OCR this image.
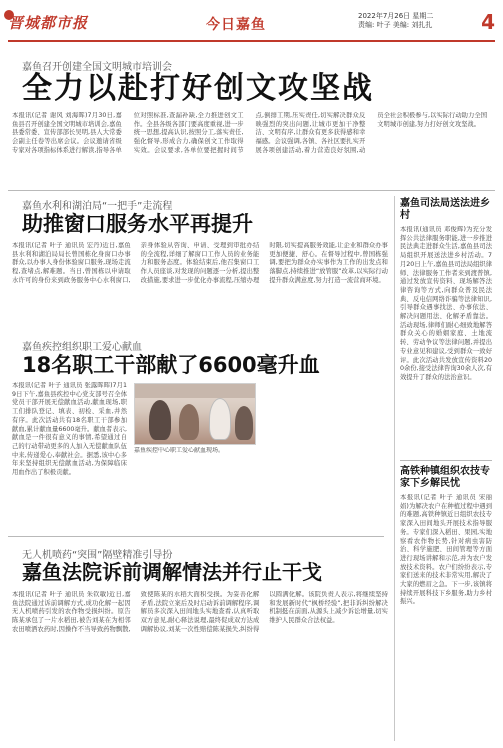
晋城都市报	今日嘉鱼
2022年7月26日 星期二
责编: 叶子 美编: 刘扎扎 4
嘉鱼召开创建全国文明城市培训会
全力以赴打好创文攻坚战
本报讯(记者 谢风 刘海晖)7月30日,嘉鱼县召开创建全国文明城市培训会,嘉鱼县委常委、宣传部部长吴明,县人大常委会副主任卷等出席会议。会议邀请省级专家对各项指标体系进行解读,指导各单位对照标准,查漏补缺,全力推进创文工作。全县各级各部门要高度重视,进一步统一思想,提高认识,按照分工,落实责任,强化督导,形成合力,确保创文工作取得实效。会议要求,各单位要把握时间节点,倒排工期,压实责任,切实解决群众反映强烈的突出问题,让城市更加干净整洁、文明有序,让群众有更多获得感和幸福感。会议强调,各镇、各社区要扎实开展各项创建活动,着力营造良好氛围,动员全社会积极参与,以实际行动助力全国文明城市创建,努力打好创文攻坚战。
嘉鱼水利和湖泊局“一把手”走流程
助推窗口服务水平再提升
本报讯(记者 叶子 通讯员 宏丹)近日,嘉鱼县水利和湖泊局局长曾国栋化身窗口办事群众,以办事人身份体验窗口服务,现场走流程,查堵点,解难题。当日,曾国栋以申请取水许可的身份来到政务服务中心水利窗口,亲身体验从咨询、申请、受理到审批办结的全流程,详细了解窗口工作人员的业务能力和服务态度。体验结束后,他召集窗口工作人员座谈,对发现的问题逐一分析,提出整改措施,要求进一步优化办事流程,压缩办理时限,切实提高服务效能,让企业和群众办事更加便捷、舒心。在督导过程中,曾国栋强调,要把为群众办实事作为工作的出发点和落脚点,持续推进“放管服”改革,以实际行动提升群众满意度,努力打造一流营商环境。
嘉鱼疾控组织职工爱心献血
18名职工干部献了6600毫升血
本报讯(记者 叶子 通讯员 张露晖晖)7月19日下午,嘉鱼县疾控中心党支部号召全体党员干部开展无偿献血活动,献血现场,职工们排队登记、填表、初检、采血,井然有序。此次活动共有18名职工干部参加献血,累计献血量6600毫升。献血者表示,献血是一件很有意义的事情,希望通过自己的行动带动更多的人加入无偿献血队伍中来,传递爱心,奉献社会。据悉,该中心多年来坚持组织无偿献血活动,为保障临床用血作出了积极贡献。
嘉鱼疾控中心职工爱心献血现场。
无人机喷药“突围”隔壁精准引导扮
嘉鱼法院诉前调解情法并行止干戈
本报讯(记者 叶子 通讯员 朱钦敏)近日,嘉鱼法院通过诉前调解方式,成功化解一起因无人机喷药引发的农作物受损纠纷。原告陈某承包了一片水稻田,被告刘某在为相邻农田喷洒农药时,因操作不当导致药物飘散,致使陈某的水稻大面积受损。为妥善化解矛盾,法院立案后及时启动诉前调解程序,调解员多次深入田间地头实地查看,认真听取双方意见,耐心释法说理,最终促成双方达成调解协议,刘某一次性赔偿陈某损失,纠纷得以圆满化解。该院负责人表示,将继续坚持和发展新时代“枫桥经验”,把非诉纠纷解决机制挺在前面,从源头上减少诉讼增量,切实维护人民群众合法权益。
嘉鱼司法局送法进乡村
本报讯(通讯员 邓俊辉)为充分发挥公共法律服务职能,进一步推进民法典走进群众生活,嘉鱼县司法局组织开展送法进乡村活动。7月20日上午,嘉鱼县司法局组织律师、法律服务工作者来到渡普镇,通过发放宣传资料、现场解答法律咨询等方式,向群众普及民法典、反电信网络诈骗等法律知识,引导群众遇事找法、办事依法、解决问题用法、化解矛盾靠法。活动现场,律师们耐心细致地解答群众关心的婚姻家庭、土地流转、劳动争议等法律问题,并提出专业意见和建议,受到群众一致好评。此次活动共发放宣传资料200余份,接受法律咨询30余人次,有效提升了群众的法治意识。
高铁种镇组织农技专家下乡解民忧
本报讯(记者 叶子 通讯员 宋丽娟)为解决农户在种植过程中遇到的难题,高铁种镇近日组织农技专家深入田间地头开展技术指导服务。专家们深入稻田、果园,实地察看农作物长势,针对病虫害防治、科学施肥、田间管理等方面进行现场讲解和示范,并为农户发放技术资料。农户们纷纷表示,专家们送来的技术非常实用,解决了大家的燃眉之急。下一步,该镇将持续开展科技下乡服务,助力乡村振兴。
